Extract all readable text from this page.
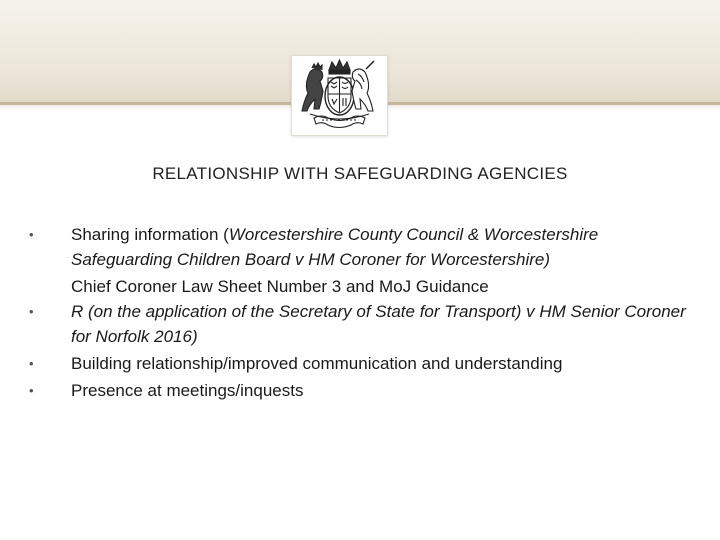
RELATIONSHIP WITH SAFEGUARDING AGENCIES
• Sharing information (Worcestershire County Council & Worcestershire Safeguarding Children Board v HM Coroner for Worcestershire)
Chief Coroner Law Sheet Number 3 and MoJ Guidance
• R (on the application of the Secretary of State for Transport) v HM Senior Coroner for Norfolk 2016)
• Building relationship/improved communication and understanding
• Presence at meetings/inquests
